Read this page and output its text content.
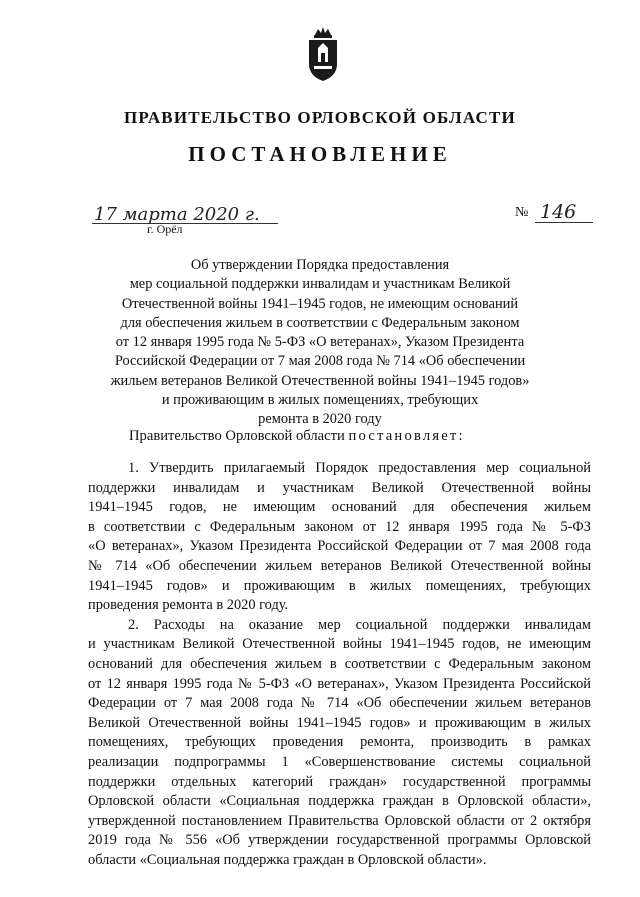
ПРАВИТЕЛЬСТВО ОРЛОВСКОЙ ОБЛАСТИ
ПОСТАНОВЛЕНИЕ
17 марта 2020 г.
г. Орёл
№ 146
Об утверждении Порядка предоставления
мер социальной поддержки инвалидам и участникам Великой
Отечественной войны 1941–1945 годов, не имеющим оснований
для обеспечения жильем в соответствии с Федеральным законом
от 12 января 1995 года № 5-ФЗ «О ветеранах», Указом Президента
Российской Федерации от 7 мая 2008 года № 714 «Об обеспечении
жильем ветеранов Великой Отечественной войны 1941–1945 годов»
и проживающим в жилых помещениях, требующих
ремонта в 2020 году
Правительство Орловской области постановляет:
1. Утвердить прилагаемый Порядок предоставления мер социальной
поддержки инвалидам и участникам Великой Отечественной войны
1941–1945 годов, не имеющим оснований для обеспечения жильем
в соответствии с Федеральным законом от 12 января 1995 года № 5-ФЗ
«О ветеранах», Указом Президента Российской Федерации от 7 мая 2008 года
№ 714 «Об обеспечении жильем ветеранов Великой Отечественной войны
1941–1945 годов» и проживающим в жилых помещениях, требующих
проведения ремонта в 2020 году.
2. Расходы на оказание мер социальной поддержки инвалидам
и участникам Великой Отечественной войны 1941–1945 годов, не имеющим
оснований для обеспечения жильем в соответствии с Федеральным законом
от 12 января 1995 года № 5-ФЗ «О ветеранах», Указом Президента Российской
Федерации от 7 мая 2008 года № 714 «Об обеспечении жильем ветеранов
Великой Отечественной войны 1941–1945 годов» и проживающим в жилых
помещениях, требующих проведения ремонта, производить в рамках
реализации подпрограммы 1 «Совершенствование системы социальной
поддержки отдельных категорий граждан» государственной программы
Орловской области «Социальная поддержка граждан в Орловской области»,
утвержденной постановлением Правительства Орловской области от 2 октября
2019 года № 556 «Об утверждении государственной программы Орловской
области «Социальная поддержка граждан в Орловской области».
